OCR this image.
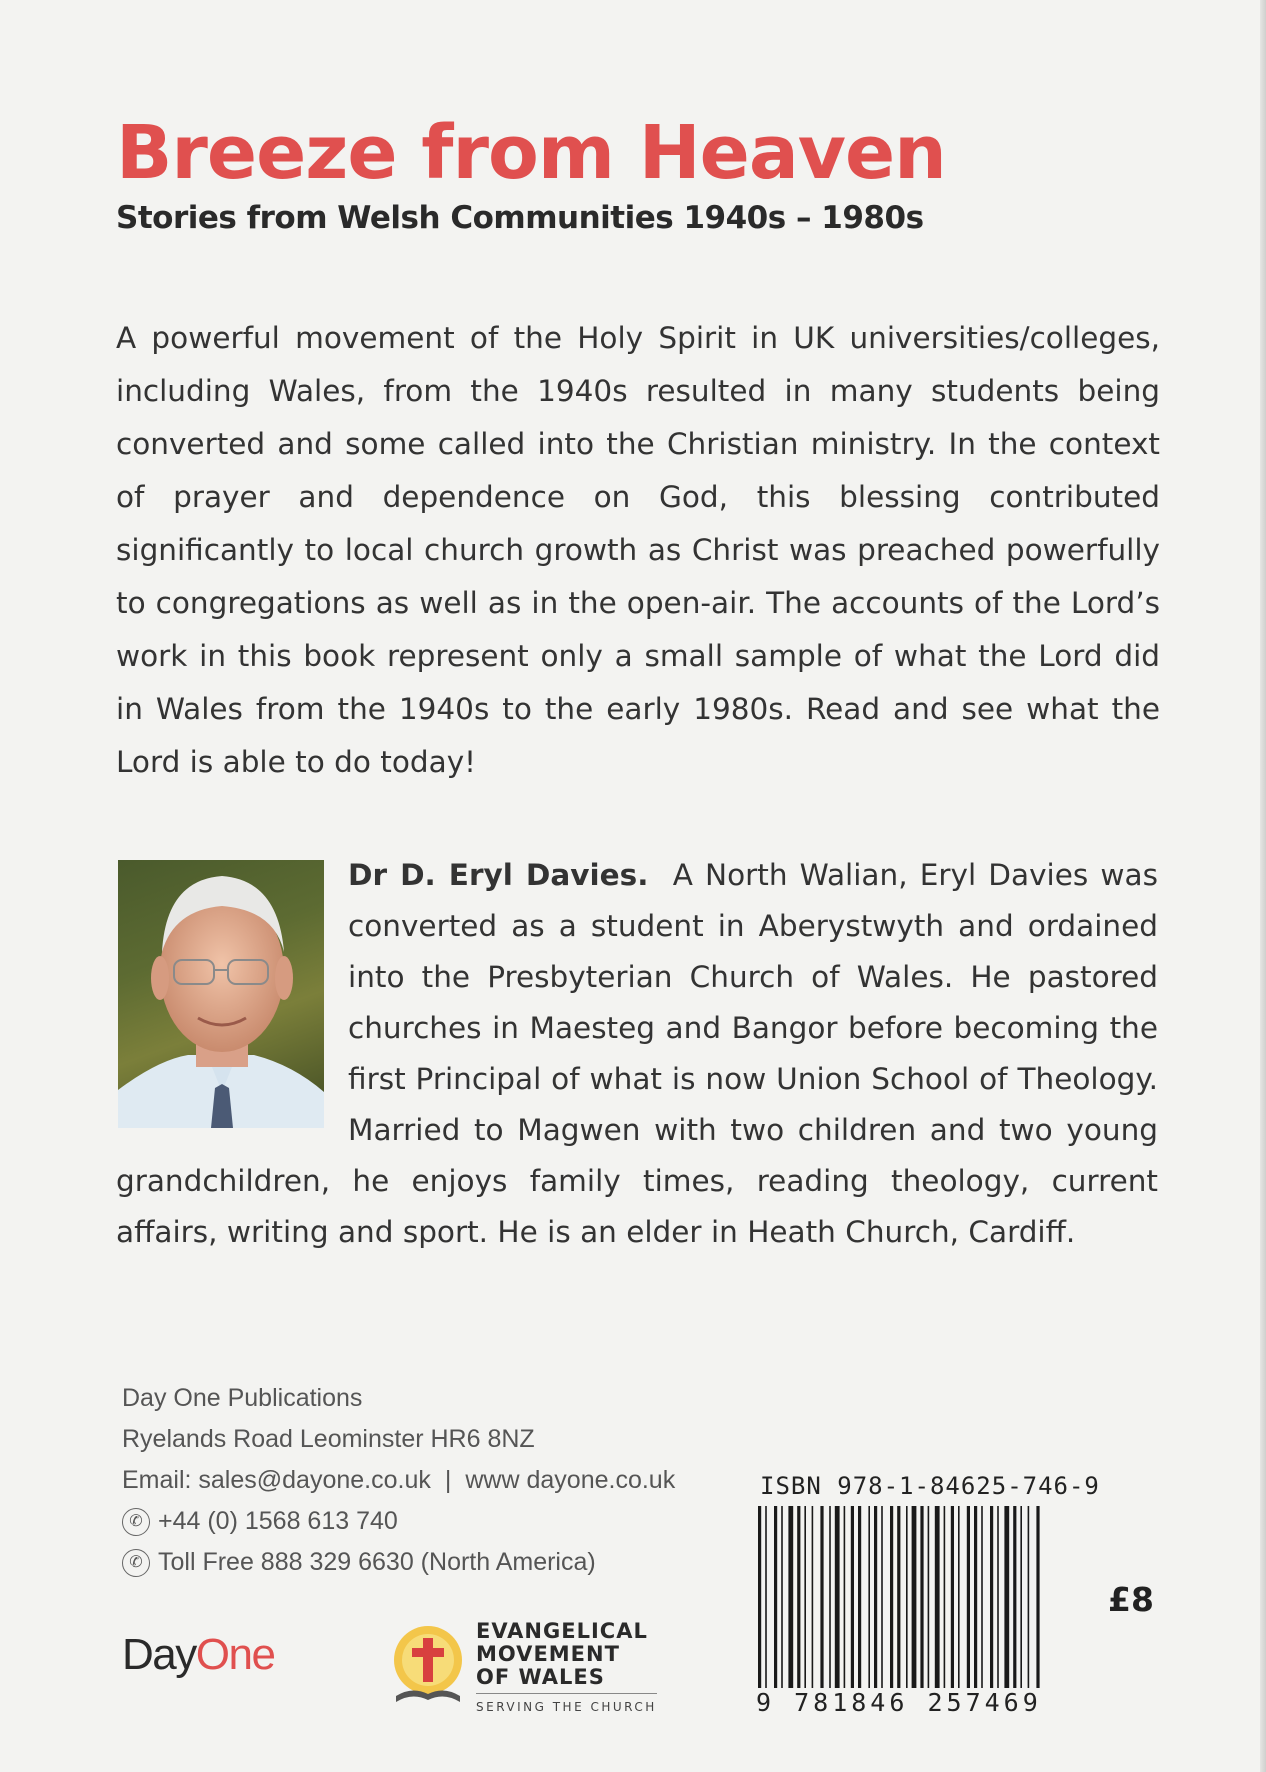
Breeze from Heaven
Stories from Welsh Communities 1940s – 1980s

A powerful movement of the Holy Spirit in UK universities/colleges, including Wales, from the 1940s resulted in many students being converted and some called into the Christian ministry. In the context of prayer and dependence on God, this blessing contributed significantly to local church growth as Christ was preached powerfully to congregations as well as in the open-air. The accounts of the Lord’s work in this book represent only a small sample of what the Lord did in Wales from the 1940s to the early 1980s. Read and see what the Lord is able to do today!

Dr D. Eryl Davies. A North Walian, Eryl Davies was converted as a student in Aberystwyth and ordained into the Presbyterian Church of Wales. He pastored churches in Maesteg and Bangor before becoming the first Principal of what is now Union School of Theology. Married to Magwen with two children and two young grandchildren, he enjoys family times, reading theology, current affairs, writing and sport. He is an elder in Heath Church, Cardiff.

Day One Publications
Ryelands Road Leominster HR6 8NZ
Email: sales@dayone.co.uk | www dayone.co.uk
✆ +44 (0) 1568 613 740
✆ Toll Free 888 329 6630 (North America)
DayOne	EVANGELICAL
MOVEMENT
OF WALES
SERVING THE CHURCH
ISBN 978-1-84625-746-9
9 781846 257469
£8
